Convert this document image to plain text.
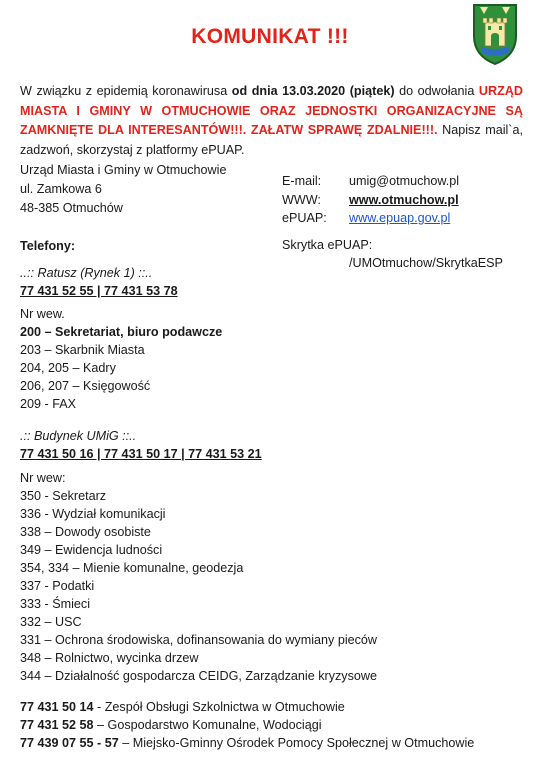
KOMUNIKAT !!!
W związku z epidemią koronawirusa od dnia 13.03.2020 (piątek) do odwołania URZĄD MIASTA I GMINY W OTMUCHOWIE ORAZ JEDNOSTKI ORGANIZACYJNE SĄ ZAMKNIĘTE DLA INTERESANTÓW!!!. ZAŁATW SPRAWĘ ZDALNIE!!!. Napisz mail`a, zadzwoń, skorzystaj z platformy ePUAP.
Urząd Miasta i Gminy w Otmuchowie
ul. Zamkowa 6
48-385 Otmuchów
E-mail: umig@otmuchow.pl
WWW: www.otmuchow.pl
ePUAP: www.epuap.gov.pl
Skrytka ePUAP:
/UMOtmuchow/SkrytkaESP
Telefony:
..:: Ratusz (Rynek 1) ::..
77 431 52 55 | 77 431 53 78
Nr wew.
200 – Sekretariat, biuro podawcze
203 – Skarbnik Miasta
204, 205 – Kadry
206, 207 – Księgowość
209 - FAX
.:: Budynek UMiG ::..
77 431 50 16 | 77 431 50 17 | 77 431 53 21
Nr wew:
350 - Sekretarz
336 - Wydział komunikacji
338 – Dowody osobiste
349 – Ewidencja ludności
354, 334 – Mienie komunalne, geodezja
337 - Podatki
333 - Śmieci
332 – USC
331 – Ochrona środowiska, dofinansowania do wymiany pieców
348 – Rolnictwo, wycinka drzew
344 – Działalność gospodarcza CEIDG, Zarządzanie kryzysowe
77 431 50 14 - Zespół Obsługi Szkolnictwa w Otmuchowie
77 431 52 58 – Gospodarstwo Komunalne, Wodociągi
77 439 07 55 - 57 – Miejsko-Gminny Ośrodek Pomocy Społecznej w Otmuchowie
